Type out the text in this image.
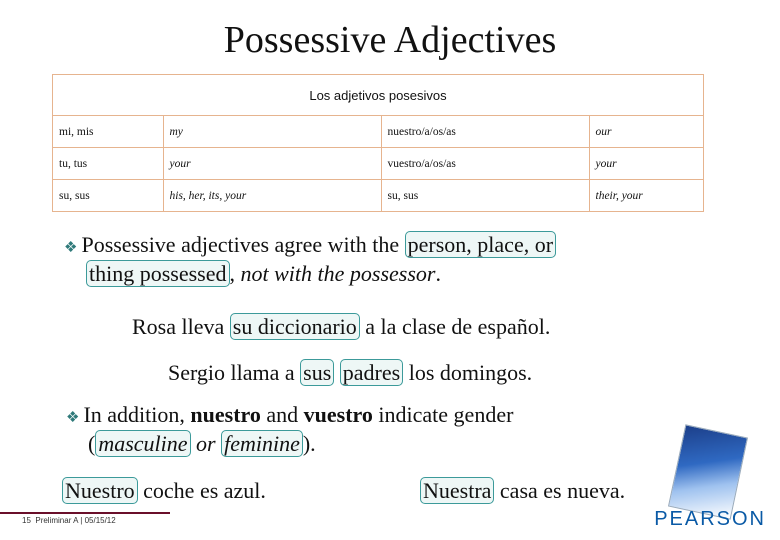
Possessive Adjectives
Los adjetivos posesivos			
mi, mis	my	nuestro/a/os/as	our
tu, tus	your	vuestro/a/os/as	your
su, sus	his, her, its, your	su, sus	their, your
❖ Possessive adjectives agree with the person, place, or
thing possessed , not with the possessor.
Rosa lleva su diccionario a la clase de español.
Sergio llama a sus padres los domingos.
❖ In addition, nuestro and vuestro indicate gender
( masculine or feminine ).
Nuestro coche es azul.	Nuestra casa es nueva.
15 Preliminar A | 05/15/12	PEARSON
